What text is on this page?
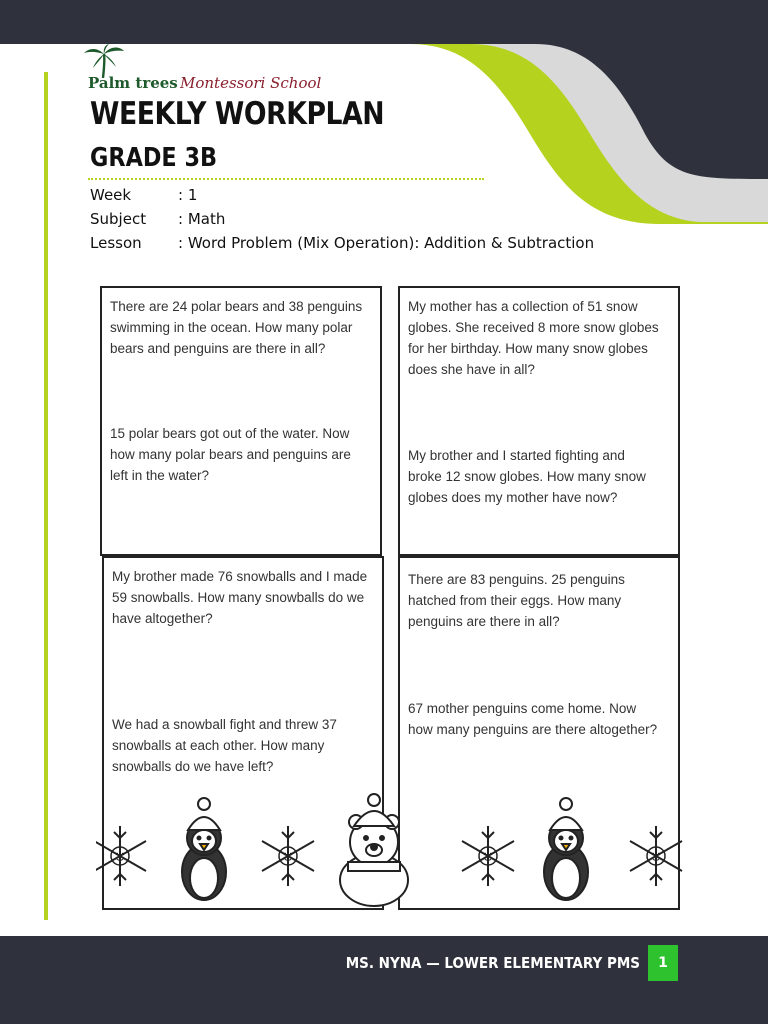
Palm trees Montessori School
WEEKLY WORKPLAN
GRADE 3B
Week	: 1
Subject : Math
Lesson : Word Problem (Mix Operation): Addition & Subtraction
There are 24 polar bears and 38 penguins
swimming in the ocean. How many polar
bears and penguins are there in all?
15 polar bears got out of the water. Now
how many polar bears and penguins are
left in the water?
My mother has a collection of 51 snow
globes. She received 8 more snow globes
for her birthday. How many snow globes
does she have in all?
My brother and I started fighting and
broke 12 snow globes. How many snow
globes does my mother have now?
My brother made 76 snowballs and I made
59 snowballs. How many snowballs do we
have altogether?
We had a snowball fight and threw 37
snowballs at each other. How many
snowballs do we have left?
There are 83 penguins. 25 penguins
hatched from their eggs. How many
penguins are there in all?
67 mother penguins come home. Now
how many penguins are there altogether?
MS. NYNA — LOWER ELEMENTARY PMS	1
